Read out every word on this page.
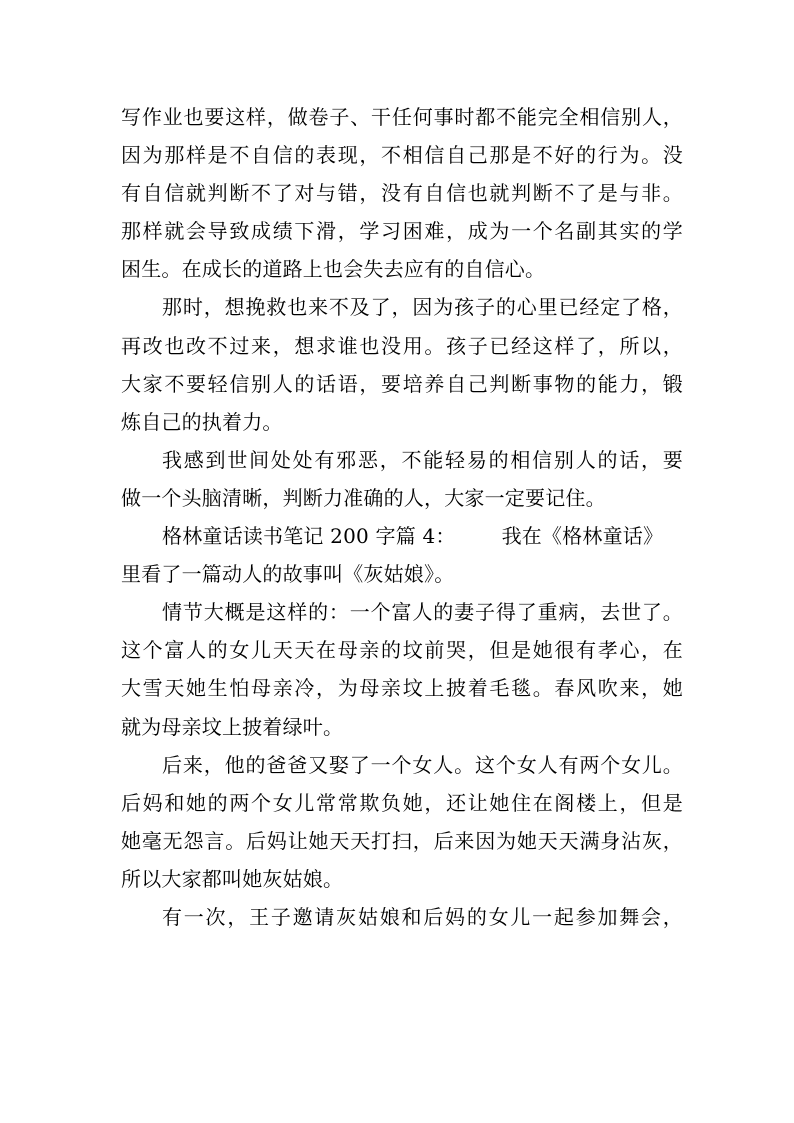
写作业也要这样，做卷子、干任何事时都不能完全相信别人，
因为那样是不自信的表现，不相信自己那是不好的行为。没
有自信就判断不了对与错，没有自信也就判断不了是与非。
那样就会导致成绩下滑，学习困难，成为一个名副其实的学
困生。在成长的道路上也会失去应有的自信心。
那时，想挽救也来不及了，因为孩子的心里已经定了格，
再改也改不过来，想求谁也没用。孩子已经这样了，所以，
大家不要轻信别人的话语，要培养自己判断事物的能力，锻
炼自己的执着力。
我感到世间处处有邪恶，不能轻易的相信别人的话，要
做一个头脑清晰，判断力准确的人，大家一定要记住。
格林童话读书笔记 200 字篇 4： 我在《格林童话》
里看了一篇动人的故事叫《灰姑娘》。
情节大概是这样的：一个富人的妻子得了重病，去世了。
这个富人的女儿天天在母亲的坟前哭，但是她很有孝心，在
大雪天她生怕母亲冷，为母亲坟上披着毛毯。春风吹来，她
就为母亲坟上披着绿叶。
后来，他的爸爸又娶了一个女人。这个女人有两个女儿。
后妈和她的两个女儿常常欺负她，还让她住在阁楼上，但是
她毫无怨言。后妈让她天天打扫，后来因为她天天满身沾灰，
所以大家都叫她灰姑娘。
有一次，王子邀请灰姑娘和后妈的女儿一起参加舞会，
